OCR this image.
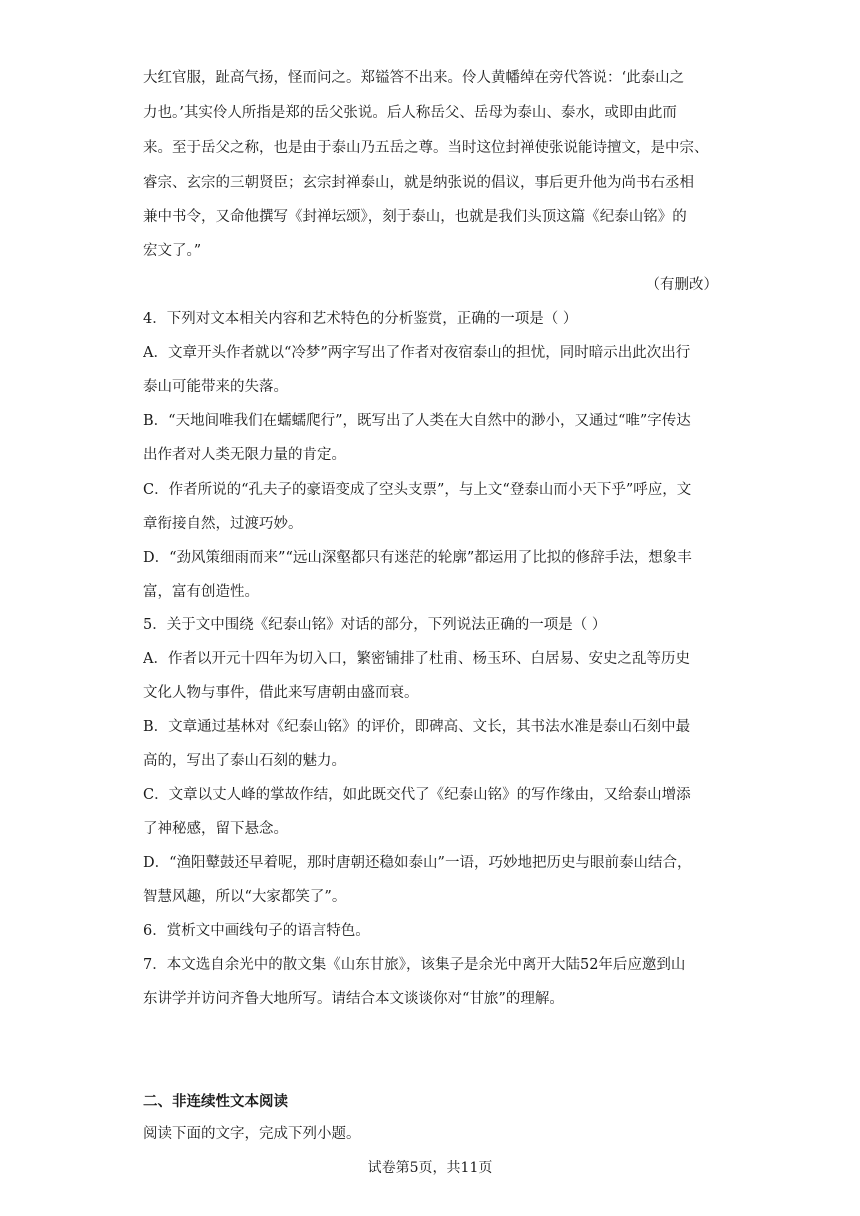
大红官服，趾高气扬，怪而问之。郑镒答不出来。伶人黄幡绰在旁代答说：‘此泰山之
力也。’其实伶人所指是郑的岳父张说。后人称岳父、岳母为泰山、泰水，或即由此而
来。至于岳父之称，也是由于泰山乃五岳之尊。当时这位封禅使张说能诗擅文，是中宗、
睿宗、玄宗的三朝贤臣；玄宗封禅泰山，就是纳张说的倡议，事后更升他为尚书右丞相
兼中书令，又命他撰写《封禅坛颂》，刻于泰山，也就是我们头顶这篇《纪泰山铭》的
宏文了。”
（有删改）
4．下列对文本相关内容和艺术特色的分析鉴赏，正确的一项是（ ）
A．文章开头作者就以“冷梦”两字写出了作者对夜宿泰山的担忧，同时暗示出此次出行
泰山可能带来的失落。
B．“天地间唯我们在蠕蠕爬行”，既写出了人类在大自然中的渺小，又通过“唯”字传达
出作者对人类无限力量的肯定。
C．作者所说的“孔夫子的豪语变成了空头支票”，与上文“登泰山而小天下乎”呼应，文
章衔接自然，过渡巧妙。
D．“劲风策细雨而来”“远山深壑都只有迷茫的轮廓”都运用了比拟的修辞手法，想象丰
富，富有创造性。
5．关于文中围绕《纪泰山铭》对话的部分，下列说法正确的一项是（ ）
A．作者以开元十四年为切入口，繁密铺排了杜甫、杨玉环、白居易、安史之乱等历史
文化人物与事件，借此来写唐朝由盛而衰。
B．文章通过基林对《纪泰山铭》的评价，即碑高、文长，其书法水准是泰山石刻中最
高的，写出了泰山石刻的魅力。
C．文章以丈人峰的掌故作结，如此既交代了《纪泰山铭》的写作缘由，又给泰山增添
了神秘感，留下悬念。
D．“渔阳鼙鼓还早着呢，那时唐朝还稳如泰山”一语，巧妙地把历史与眼前泰山结合，
智慧风趣，所以“大家都笑了”。
6．赏析文中画线句子的语言特色。
7．本文选自余光中的散文集《山东甘旅》，该集子是余光中离开大陆52年后应邀到山
东讲学并访问齐鲁大地所写。请结合本文谈谈你对“甘旅”的理解。
二、非连续性文本阅读
阅读下面的文字，完成下列小题。
试卷第5页，共11页
